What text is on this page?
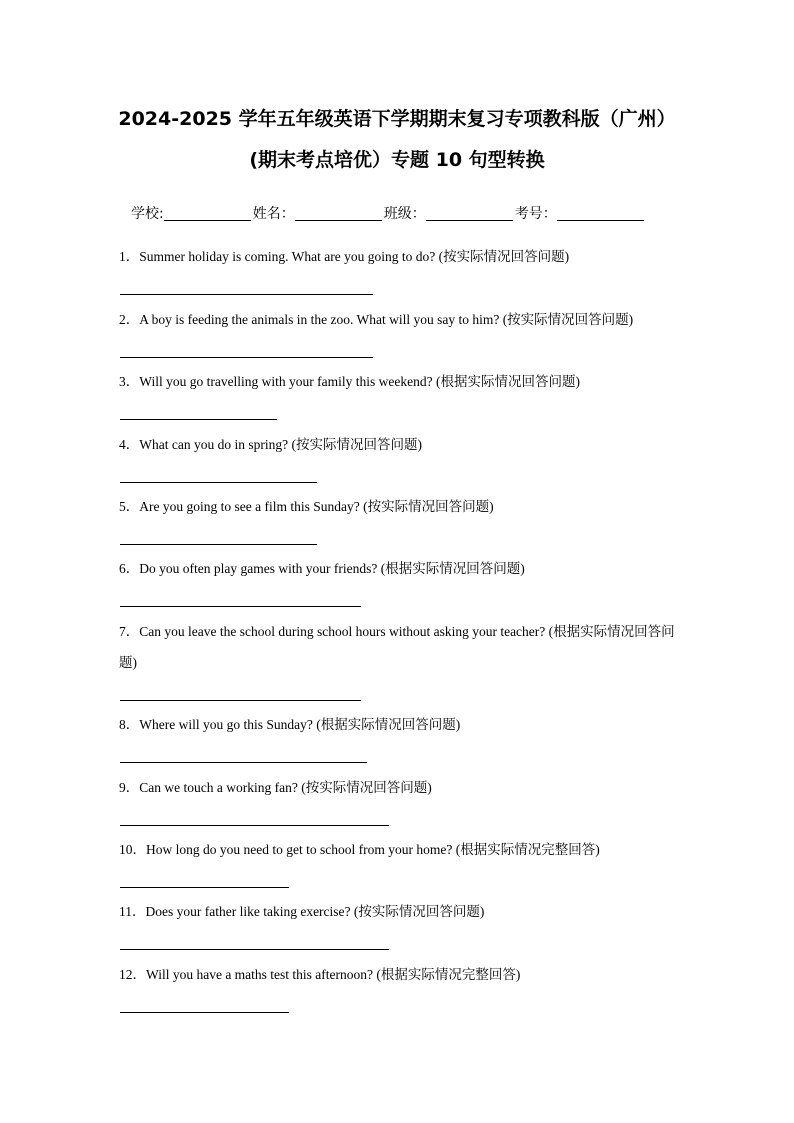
2024-2025 学年五年级英语下学期期末复习专项教科版（广州）
(期末考点培优）专题 10 句型转换
学校:	姓名：	班级：	考号：
1．Summer holiday is coming. What are you going to do? (按实际情况回答问题)
2．A boy is feeding the animals in the zoo. What will you say to him? (按实际情况回答问题)
3．Will you go travelling with your family this weekend? (根据实际情况回答问题)
4．What can you do in spring? (按实际情况回答问题)
5．Are you going to see a film this Sunday? (按实际情况回答问题)
6．Do you often play games with your friends? (根据实际情况回答问题)
7．Can you leave the school during school hours without asking your teacher? (根据实际情况回答问题)
8．Where will you go this Sunday? (根据实际情况回答问题)
9．Can we touch a working fan? (按实际情况回答问题)
10．How long do you need to get to school from your home? (根据实际情况完整回答)
11．Does your father like taking exercise? (按实际情况回答问题)
12．Will you have a maths test this afternoon? (根据实际情况完整回答)
